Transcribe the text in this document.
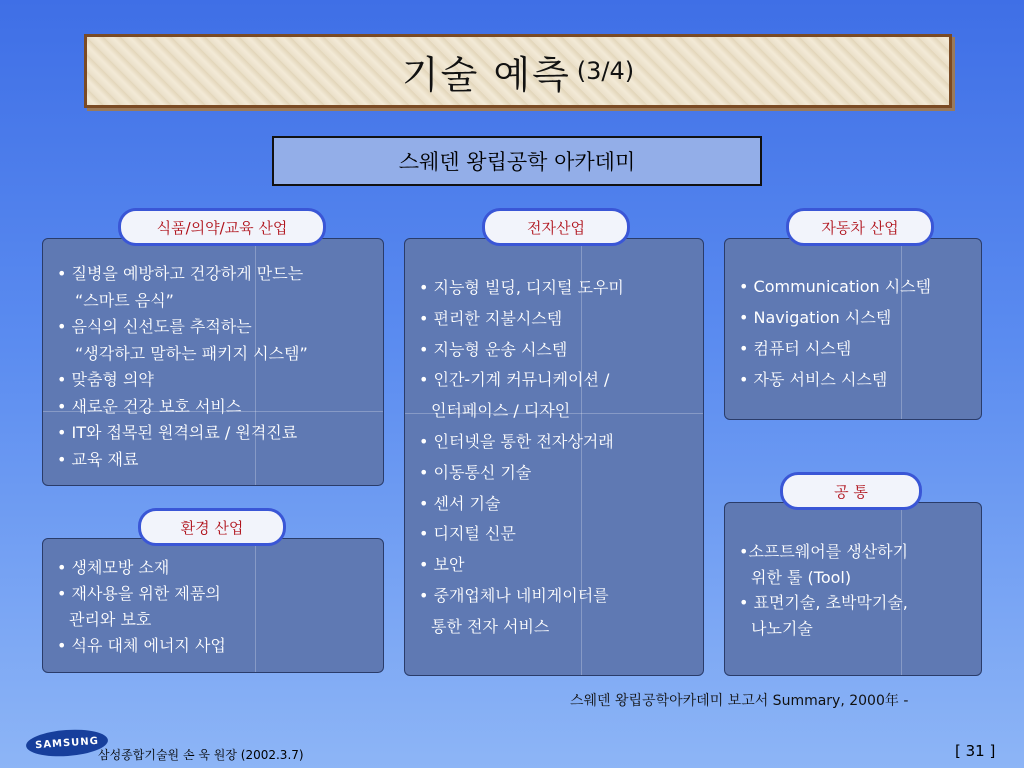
기술 예측 (3/4)
스웨덴 왕립공학 아카데미
식품/의약/교육 산업
• 질병을 예방하고 건강하게 만드는
“스마트 음식”
• 음식의 신선도를 추적하는
“생각하고 말하는 패키지 시스템”
• 맞춤형 의약
• 새로운 건강 보호 서비스
• IT와 접목된 원격의료 / 원격진료
• 교육 재료
환경 산업
• 생체모방 소재
• 재사용을 위한 제품의
관리와 보호
• 석유 대체 에너지 사업
전자산업
• 지능형 빌딩, 디지털 도우미
• 편리한 지불시스템
• 지능형 운송 시스템
• 인간-기계 커뮤니케이션 /
인터페이스 / 디자인
• 인터넷을 통한 전자상거래
• 이동통신 기술
• 센서 기술
• 디지털 신문
• 보안
• 중개업체나 네비게이터를
통한 전자 서비스
자동차 산업
• Communication 시스템
• Navigation 시스템
• 컴퓨터 시스템
• 자동 서비스 시스템
공 통
•소프트웨어를 생산하기
위한 툴 (Tool)
• 표면기술, 초박막기술,
나노기술
스웨덴 왕립공학아카데미 보고서 Summary, 2000年 -
SAMSUNG
삼성종합기술원 손 욱 원장 (2002.3.7)	[ 31 ]
